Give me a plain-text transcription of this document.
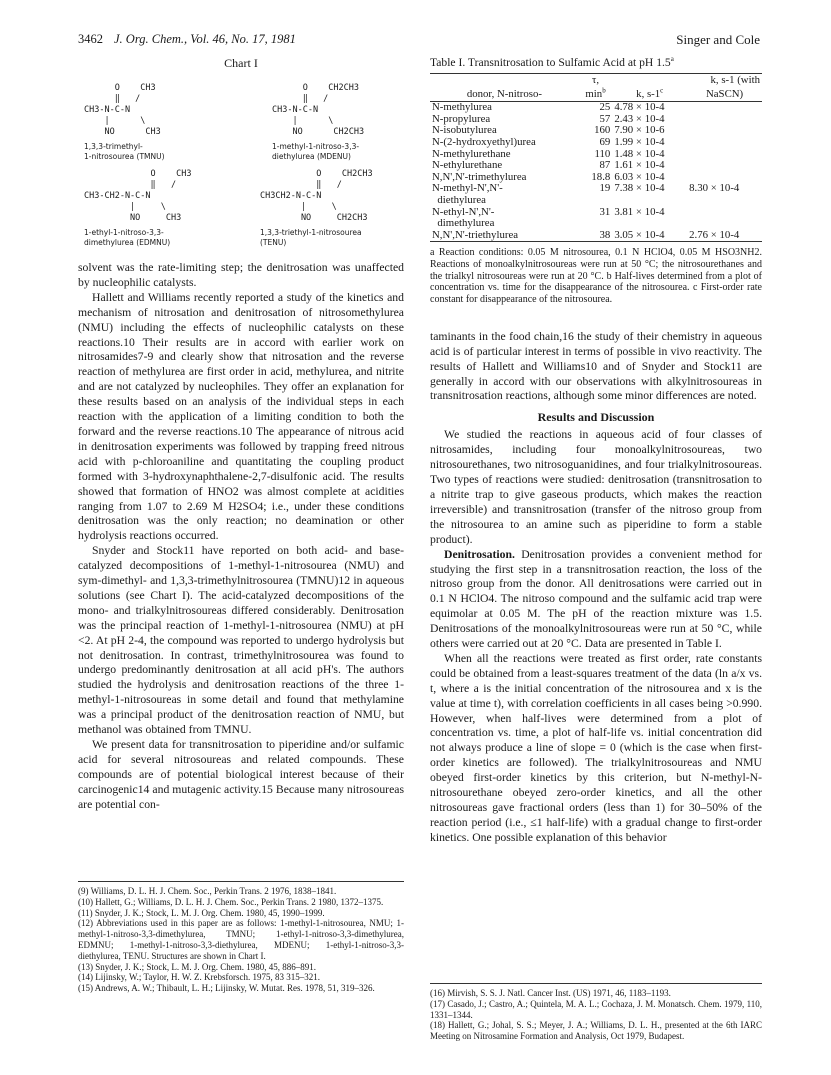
3462 J. Org. Chem., Vol. 46, No. 17, 1981	Singer and Cole
Chart I
O    CH3
‖   /
CH3-N-C-N
|      \
NO      CH3
1,3,3-trimethyl-
1-nitrosourea (TMNU)
O    CH2CH3
‖   /
CH3-N-C-N
|      \
NO      CH2CH3
1-methyl-1-nitroso-3,3-
diethylurea (MDENU)
O    CH3
‖   /
CH3-CH2-N-C-N
|     \
NO     CH3
1-ethyl-1-nitroso-3,3-
dimethylurea (EDMNU)
O    CH2CH3
‖   /
CH3CH2-N-C-N
|     \
NO     CH2CH3
1,3,3-triethyl-1-nitrosourea
(TENU)

solvent was the rate-limiting step; the denitrosation was unaffected by nucleophilic catalysts.

Hallett and Williams recently reported a study of the kinetics and mechanism of nitrosation and denitrosation of nitrosomethylurea (NMU) including the effects of nucleophilic catalysts on these reactions.10 Their results are in accord with earlier work on nitrosamides7-9 and clearly show that nitrosation and the reverse reaction of methylurea are first order in acid, methylurea, and nitrite and are not catalyzed by nucleophiles. They offer an explanation for these results based on an analysis of the individual steps in each reaction with the application of a limiting condition to both the forward and the reverse reactions.10 The appearance of nitrous acid in denitrosation experiments was followed by trapping freed nitrous acid with p-chloroaniline and quantitating the coupling product formed with 3-hydroxynaphthalene-2,7-disulfonic acid. The results showed that formation of HNO2 was almost complete at acidities ranging from 1.07 to 2.69 M H2SO4; i.e., under these conditions denitrosation was the only reaction; no deamination or other hydrolysis reactions occurred.

Snyder and Stock11 have reported on both acid- and base-catalyzed decompositions of 1-methyl-1-nitrosourea (NMU) and sym-dimethyl- and 1,3,3-trimethylnitrosourea (TMNU)12 in aqueous solutions (see Chart I). The acid-catalyzed decompositions of the mono- and trialkylnitrosoureas differed considerably. Denitrosation was the principal reaction of 1-methyl-1-nitrosourea (NMU) at pH <2. At pH 2-4, the compound was reported to undergo hydrolysis but not denitrosation. In contrast, trimethylnitrosourea was found to undergo predominantly denitrosation at all acid pH's. The authors studied the hydrolysis and denitrosation reactions of the three 1-methyl-1-nitrosoureas in some detail and found that methylamine was a principal product of the denitrosation reaction of NMU, but methanol was obtained from TMNU.

We present data for transnitrosation to piperidine and/or sulfamic acid for several nitrosoureas and related compounds. These compounds are of potential biological interest because of their carcinogenic14 and mutagenic activity.15 Because many nitrosoureas are potential con-

(9) Williams, D. L. H. J. Chem. Soc., Perkin Trans. 2 1976, 1838–1841.

(10) Hallett, G.; Williams, D. L. H. J. Chem. Soc., Perkin Trans. 2 1980, 1372–1375.

(11) Snyder, J. K.; Stock, L. M. J. Org. Chem. 1980, 45, 1990–1999.

(12) Abbreviations used in this paper are as follows: 1-methyl-1-nitrosourea, NMU; 1-methyl-1-nitroso-3,3-dimethylurea, TMNU; 1-ethyl-1-nitroso-3,3-dimethylurea, EDMNU; 1-methyl-1-nitroso-3,3-diethylurea, MDENU; 1-ethyl-1-nitroso-3,3-diethylurea, TENU. Structures are shown in Chart I.

(13) Snyder, J. K.; Stock, L. M. J. Org. Chem. 1980, 45, 886–891.

(14) Lijinsky, W.; Taylor, H. W. Z. Krebsforsch. 1975, 83 315–321.

(15) Andrews, A. W.; Thibault, L. H.; Lijinsky, W. Mutat. Res. 1978, 51, 319–326.

Table I. Transnitrosation to Sulfamic Acid at pH 1.5$^a$
	τ,		k, s-1 (with
donor, N-nitroso-	$\min^b$	k, s-1$^c$	NaSCN)
N-methylurea	25	4.78 × 10-4	
N-propylurea	57	2.43 × 10-4	
N-isobutylurea	160	7.90 × 10-6	
N-(2-hydroxyethyl)urea	69	1.99 × 10-4	
N-methylurethane	110	1.48 × 10-4	
N-ethylurethane	87	1.61 × 10-4	
N,N',N'-trimethylurea	18.8	6.03 × 10-4	
N-methyl-N',N'-	19	7.38 × 10-4	8.30 × 10-4
diethylurea			
N-ethyl-N',N'-	31	3.81 × 10-4	
dimethylurea			
N,N',N'-triethylurea	38	3.05 × 10-4	2.76 × 10-4
a Reaction conditions: 0.05 M nitrosourea, 0.1 N HClO4, 0.05 M HSO3NH2. Reactions of monoalkylnitrosoureas were run at 50 °C; the nitrosourethanes and the trialkyl nitrosoureas were run at 20 °C. b Half-lives determined from a plot of concentration vs. time for the disappearance of the nitrosourea. c First-order rate constant for disappearance of the nitrosourea.

taminants in the food chain,16 the study of their chemistry in aqueous acid is of particular interest in terms of possible in vivo reactivity. The results of Hallett and Williams10 and of Snyder and Stock11 are generally in accord with our observations with alkylnitrosoureas in transnitrosation reactions, although some minor differences are noted.

Results and Discussion

We studied the reactions in aqueous acid of four classes of nitrosamides, including four monoalkylnitrosoureas, two nitrosourethanes, two nitrosoguanidines, and four trialkylnitrosoureas. Two types of reactions were studied: denitrosation (transnitrosation to a nitrite trap to give gaseous products, which makes the reaction irreversible) and transnitrosation (transfer of the nitroso group from the nitrosourea to an amine such as piperidine to form a stable product).

Denitrosation. Denitrosation provides a convenient method for studying the first step in a transnitrosation reaction, the loss of the nitroso group from the donor. All denitrosations were carried out in 0.1 N HClO4. The nitroso compound and the sulfamic acid trap were equimolar at 0.05 M. The pH of the reaction mixture was 1.5. Denitrosations of the monoalkylnitrosoureas were run at 50 °C, while others were carried out at 20 °C. Data are presented in Table I.

When all the reactions were treated as first order, rate constants could be obtained from a least-squares treatment of the data (ln a/x vs. t, where a is the initial concentration of the nitrosourea and x is the value at time t), with correlation coefficients in all cases being >0.990. However, when half-lives were determined from a plot of concentration vs. time, a plot of half-life vs. initial concentration did not always produce a line of slope = 0 (which is the case when first-order kinetics are followed). The trialkylnitrosoureas and NMU obeyed first-order kinetics by this criterion, but N-methyl-N-nitrosourethane obeyed zero-order kinetics, and all the other nitrosoureas gave fractional orders (less than 1) for 30–50% of the reaction period (i.e., ≤1 half-life) with a gradual change to first-order kinetics. One possible explanation of this behavior

(16) Mirvish, S. S. J. Natl. Cancer Inst. (US) 1971, 46, 1183–1193.

(17) Casado, J.; Castro, A.; Quintela, M. A. L.; Cochaza, J. M. Monatsch. Chem. 1979, 110, 1331–1344.

(18) Hallett, G.; Johal, S. S.; Meyer, J. A.; Williams, D. L. H., presented at the 6th IARC Meeting on Nitrosamine Formation and Analysis, Oct 1979, Budapest.
